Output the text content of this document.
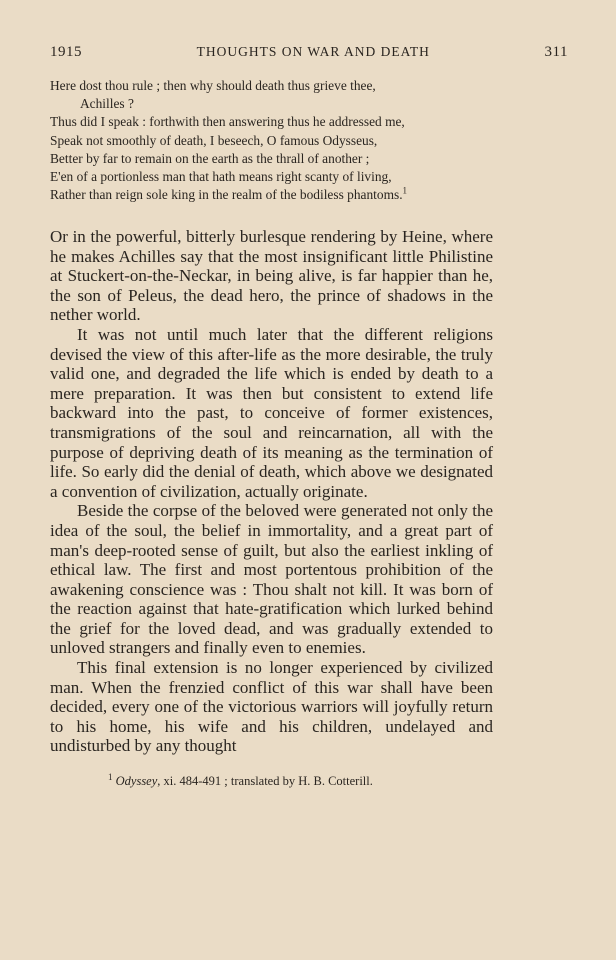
1915	THOUGHTS ON WAR AND DEATH	311
Here dost thou rule ; then why should death thus grieve thee,
Achilles ?
Thus did I speak : forthwith then answering thus he addressed me,
Speak not smoothly of death, I beseech, O famous Odysseus,
Better by far to remain on the earth as the thrall of another ;
E'en of a portionless man that hath means right scanty of living,
Rather than reign sole king in the realm of the bodiless phantoms.$^1$

Or in the powerful, bitterly burlesque rendering by Heine, where he makes Achilles say that the most insignificant little Philistine at Stuckert-on-the-Neckar, in being alive, is far happier than he, the son of Peleus, the dead hero, the prince of shadows in the nether world.

It was not until much later that the different religions devised the view of this after-life as the more desirable, the truly valid one, and degraded the life which is ended by death to a mere preparation. It was then but consistent to extend life backward into the past, to conceive of former existences, transmigrations of the soul and reincarnation, all with the purpose of depriving death of its meaning as the termination of life. So early did the denial of death, which above we designated a convention of civilization, actually originate.

Beside the corpse of the beloved were generated not only the idea of the soul, the belief in immortality, and a great part of man's deep-rooted sense of guilt, but also the earliest inkling of ethical law. The first and most portentous prohibition of the awakening conscience was : Thou shalt not kill. It was born of the reaction against that hate-gratification which lurked behind the grief for the loved dead, and was gradually extended to unloved strangers and finally even to enemies.

This final extension is no longer experienced by civilized man. When the frenzied conflict of this war shall have been decided, every one of the victorious warriors will joyfully return to his home, his wife and his children, undelayed and undisturbed by any thought

$^1$ Odyssey, xi. 484-491 ; translated by H. B. Cotterill.
